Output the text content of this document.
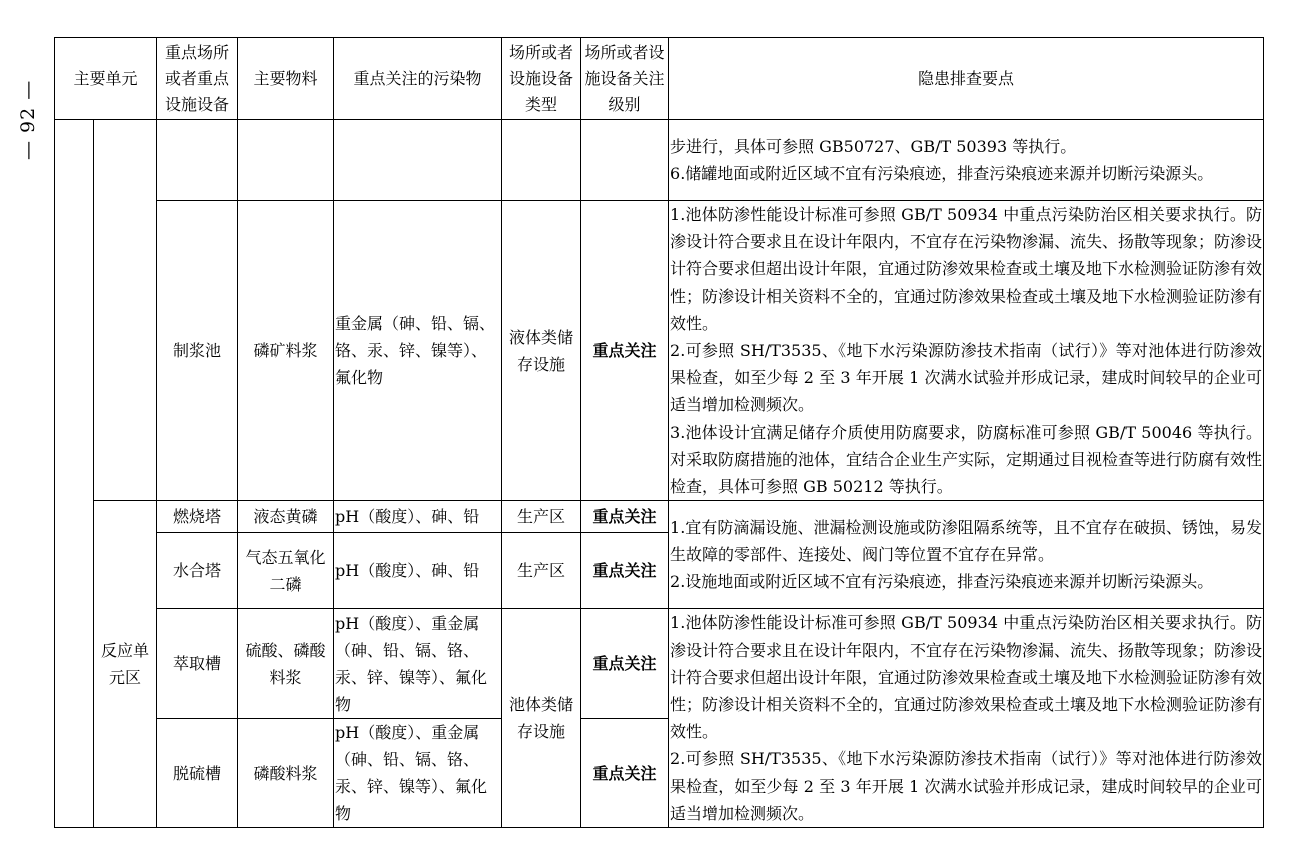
— 92 —
主要单元		重点场所或者重点设施设备	主要物料	重点关注的污染物	场所或者设施设备类型	场所或者设施设备关注级别	隐患排查要点

							步进行，具体可参照 GB50727、GB/T 50393 等执行。
6.储罐地面或附近区域不宜有污染痕迹，排查污染痕迹来源并切断污染源头。

		制浆池	磷矿料浆	重金属（砷、铅、镉、铬、汞、锌、镍等）、氟化物	液体类储存设施	重点关注	1.池体防渗性能设计标准可参照 GB/T 50934 中重点污染防治区相关要求执行。防渗设计符合要求且在设计年限内，不宜存在污染物渗漏、流失、扬散等现象；防渗设计符合要求但超出设计年限，宜通过防渗效果检查或土壤及地下水检测验证防渗有效性；防渗设计相关资料不全的，宜通过防渗效果检查或土壤及地下水检测验证防渗有效性。
2.可参照 SH/T3535、《地下水污染源防渗技术指南（试行）》等对池体进行防渗效果检查，如至少每 2 至 3 年开展 1 次满水试验并形成记录，建成时间较早的企业可适当增加检测频次。
3.池体设计宜满足储存介质使用防腐要求，防腐标准可参照 GB/T 50046 等执行。对采取防腐措施的池体，宜结合企业生产实际，定期通过目视检查等进行防腐有效性检查，具体可参照 GB 50212 等执行。

	反应单元区	燃烧塔	液态黄磷	pH（酸度）、砷、铅	生产区	重点关注	1.宜有防滴漏设施、泄漏检测设施或防渗阻隔系统等，且不宜存在破损、锈蚀，易发生故障的零部件、连接处、阀门等位置不宜存在异常。
2.设施地面或附近区域不宜有污染痕迹，排查污染痕迹来源并切断污染源头。

		水合塔	气态五氧化二磷	pH（酸度）、砷、铅	生产区	重点关注	
		萃取槽	硫酸、磷酸料浆	pH（酸度）、重金属（砷、铅、镉、铬、汞、锌、镍等）、氟化物	池体类储存设施	重点关注	1.池体防渗性能设计标准可参照 GB/T 50934 中重点污染防治区相关要求执行。防渗设计符合要求且在设计年限内，不宜存在污染物渗漏、流失、扬散等现象；防渗设计符合要求但超出设计年限，宜通过防渗效果检查或土壤及地下水检测验证防渗有效性；防渗设计相关资料不全的，宜通过防渗效果检查或土壤及地下水检测验证防渗有效性。
2.可参照 SH/T3535、《地下水污染源防渗技术指南（试行）》等对池体进行防渗效果检查，如至少每 2 至 3 年开展 1 次满水试验并形成记录，建成时间较早的企业可适当增加检测频次。

		脱硫槽	磷酸料浆	pH（酸度）、重金属（砷、铅、镉、铬、汞、锌、镍等）、氟化物		重点关注	
